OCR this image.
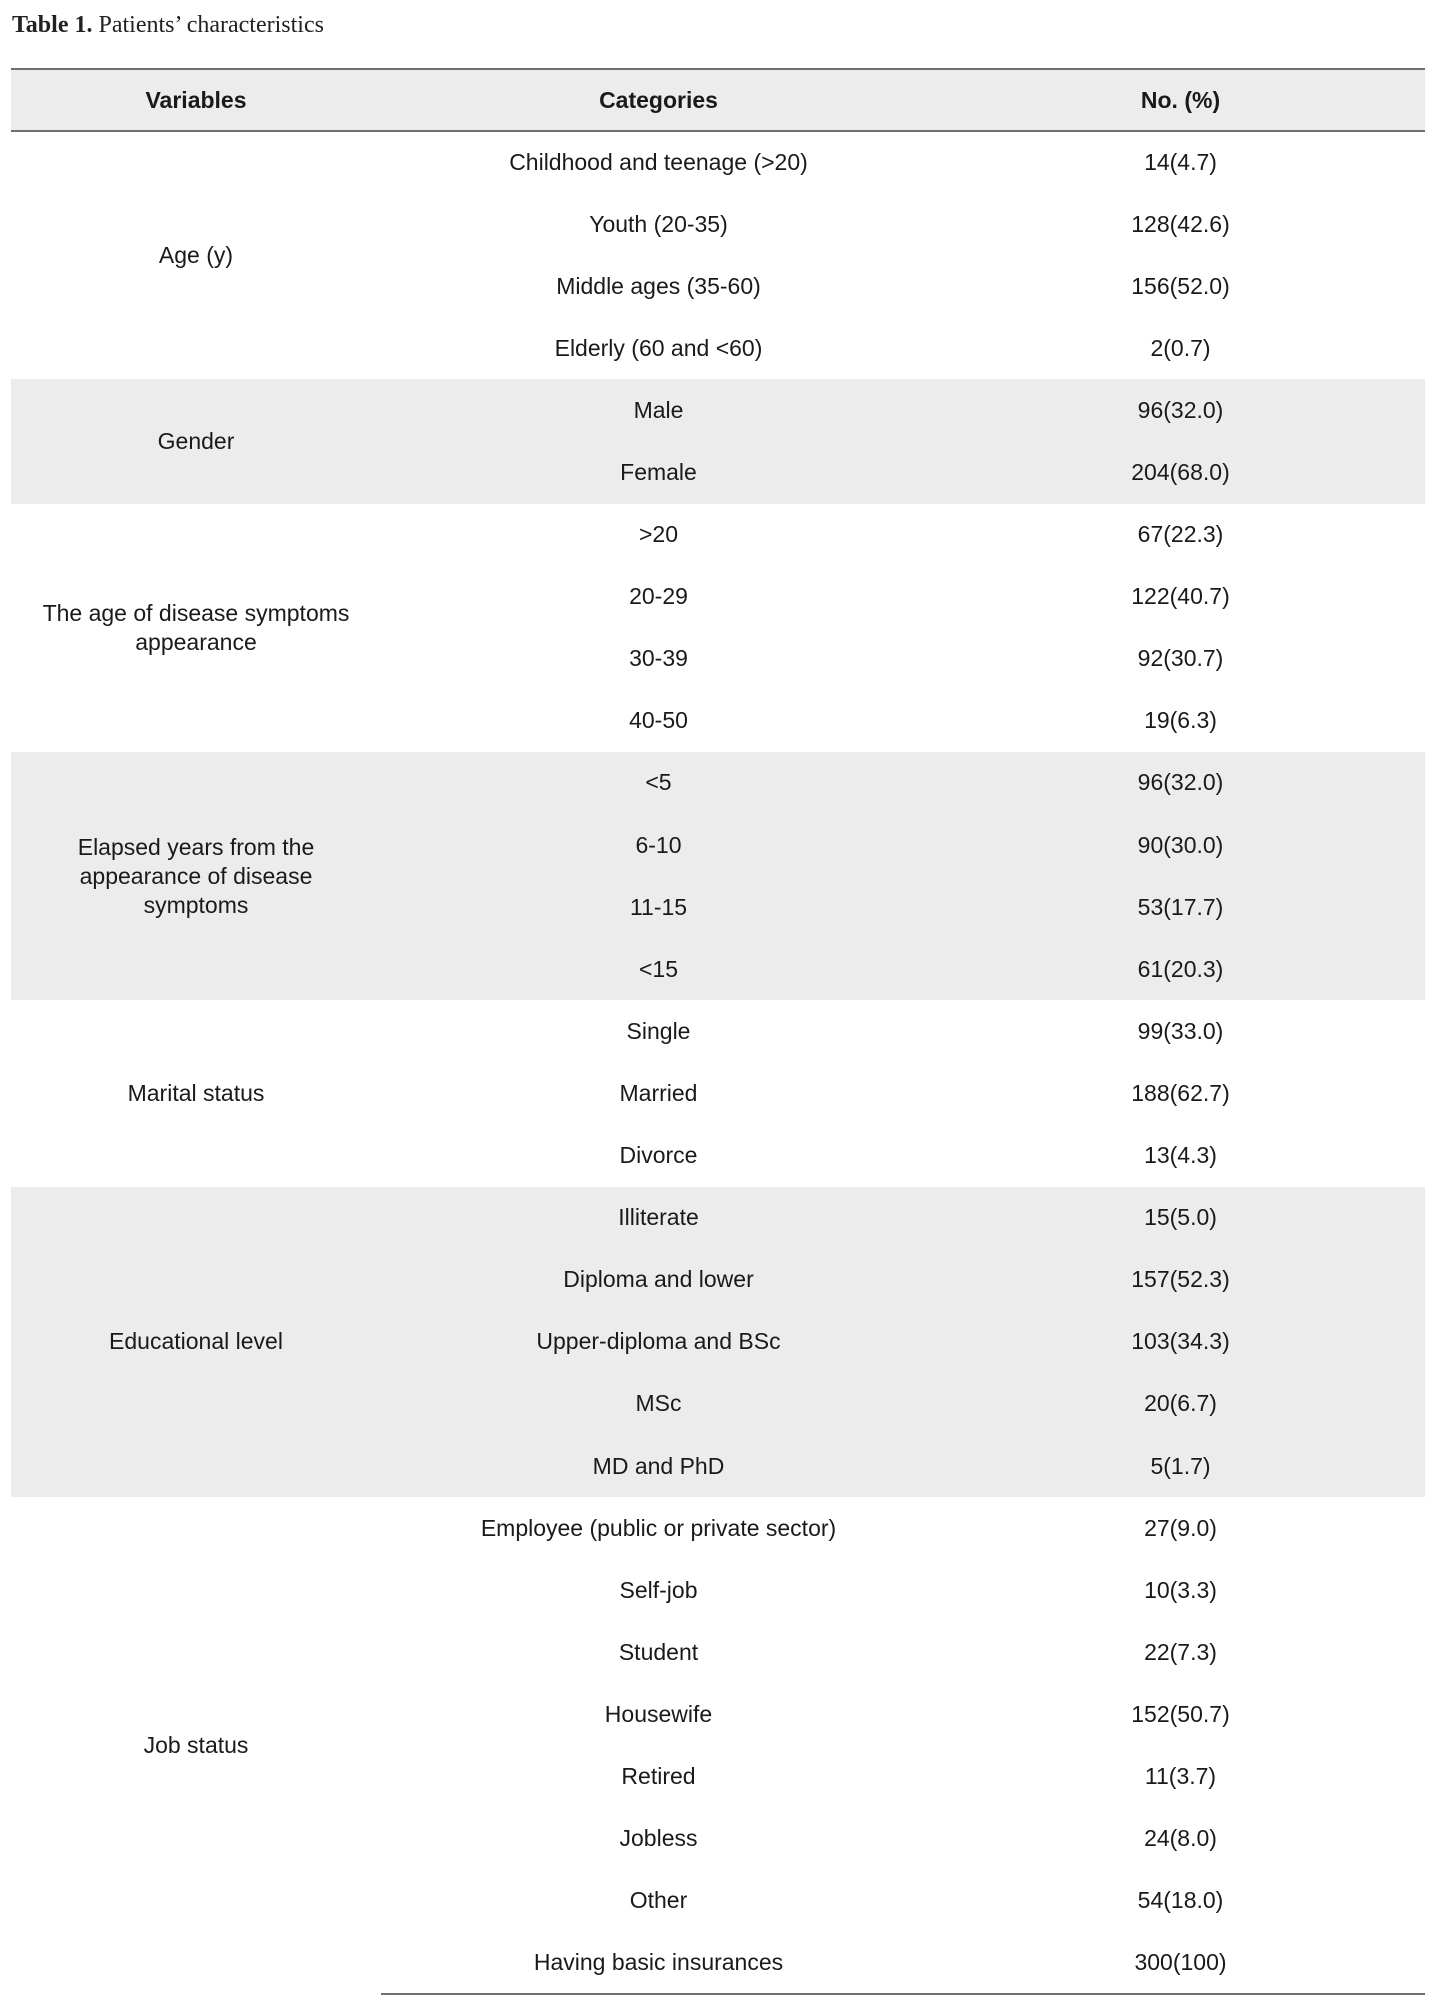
Table 1. Patients’ characteristics
Variables	Categories	No. (%)
Age (y)	Childhood and teenage (>20)	14(4.7)
	Youth (20-35)	128(42.6)
	Middle ages (35-60)	156(52.0)
	Elderly (60 and <60)	2(0.7)
Gender	Male	96(32.0)
	Female	204(68.0)
The age of disease symptoms appearance	>20	67(22.3)
	20-29	122(40.7)
	30-39	92(30.7)
	40-50	19(6.3)
Elapsed years from the appearance of disease symptoms	<5	96(32.0)
	6-10	90(30.0)
	11-15	53(17.7)
	<15	61(20.3)
Marital status	Single	99(33.0)
	Married	188(62.7)
	Divorce	13(4.3)
Educational level	Illiterate	15(5.0)
	Diploma and lower	157(52.3)
	Upper-diploma and BSc	103(34.3)
	MSc	20(6.7)
	MD and PhD	5(1.7)
Job status	Employee (public or private sector)	27(9.0)
	Self-job	10(3.3)
	Student	22(7.3)
	Housewife	152(50.7)
	Retired	11(3.7)
	Jobless	24(8.0)
	Other	54(18.0)
	Having basic insurances	300(100)
